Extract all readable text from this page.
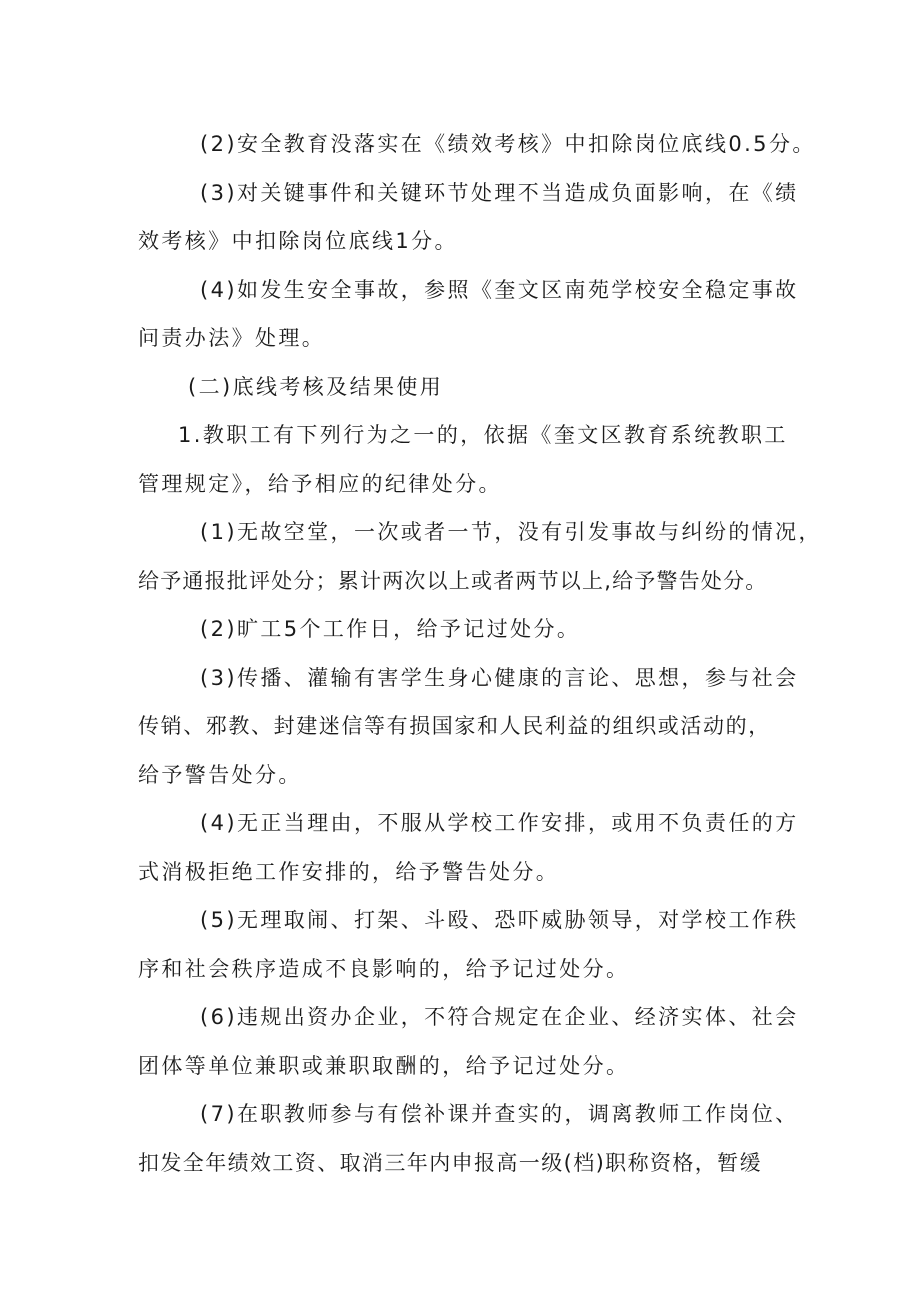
(2)安全教育没落实在《绩效考核》中扣除岗位底线0.5分。

(3)对关键事件和关键环节处理不当造成负面影响，在《绩
效考核》中扣除岗位底线1分。

(4)如发生安全事故，参照《奎文区南苑学校安全稳定事故
问责办法》处理。

(二)底线考核及结果使用

1.教职工有下列行为之一的，依据《奎文区教育系统教职工
管理规定》，给予相应的纪律处分。

(1)无故空堂，一次或者一节，没有引发事故与纠纷的情况，
给予通报批评处分；累计两次以上或者两节以上,给予警告处分。

(2)旷工5个工作日，给予记过处分。

(3)传播、灌输有害学生身心健康的言论、思想，参与社会
传销、邪教、封建迷信等有损国家和人民利益的组织或活动的，
给予警告处分。

(4)无正当理由，不服从学校工作安排，或用不负责任的方
式消极拒绝工作安排的，给予警告处分。

(5)无理取闹、打架、斗殴、恐吓威胁领导，对学校工作秩
序和社会秩序造成不良影响的，给予记过处分。

(6)违规出资办企业，不符合规定在企业、经济实体、社会
团体等单位兼职或兼职取酬的，给予记过处分。

(7)在职教师参与有偿补课并查实的，调离教师工作岗位、
扣发全年绩效工资、取消三年内申报高一级(档)职称资格，暂缓
